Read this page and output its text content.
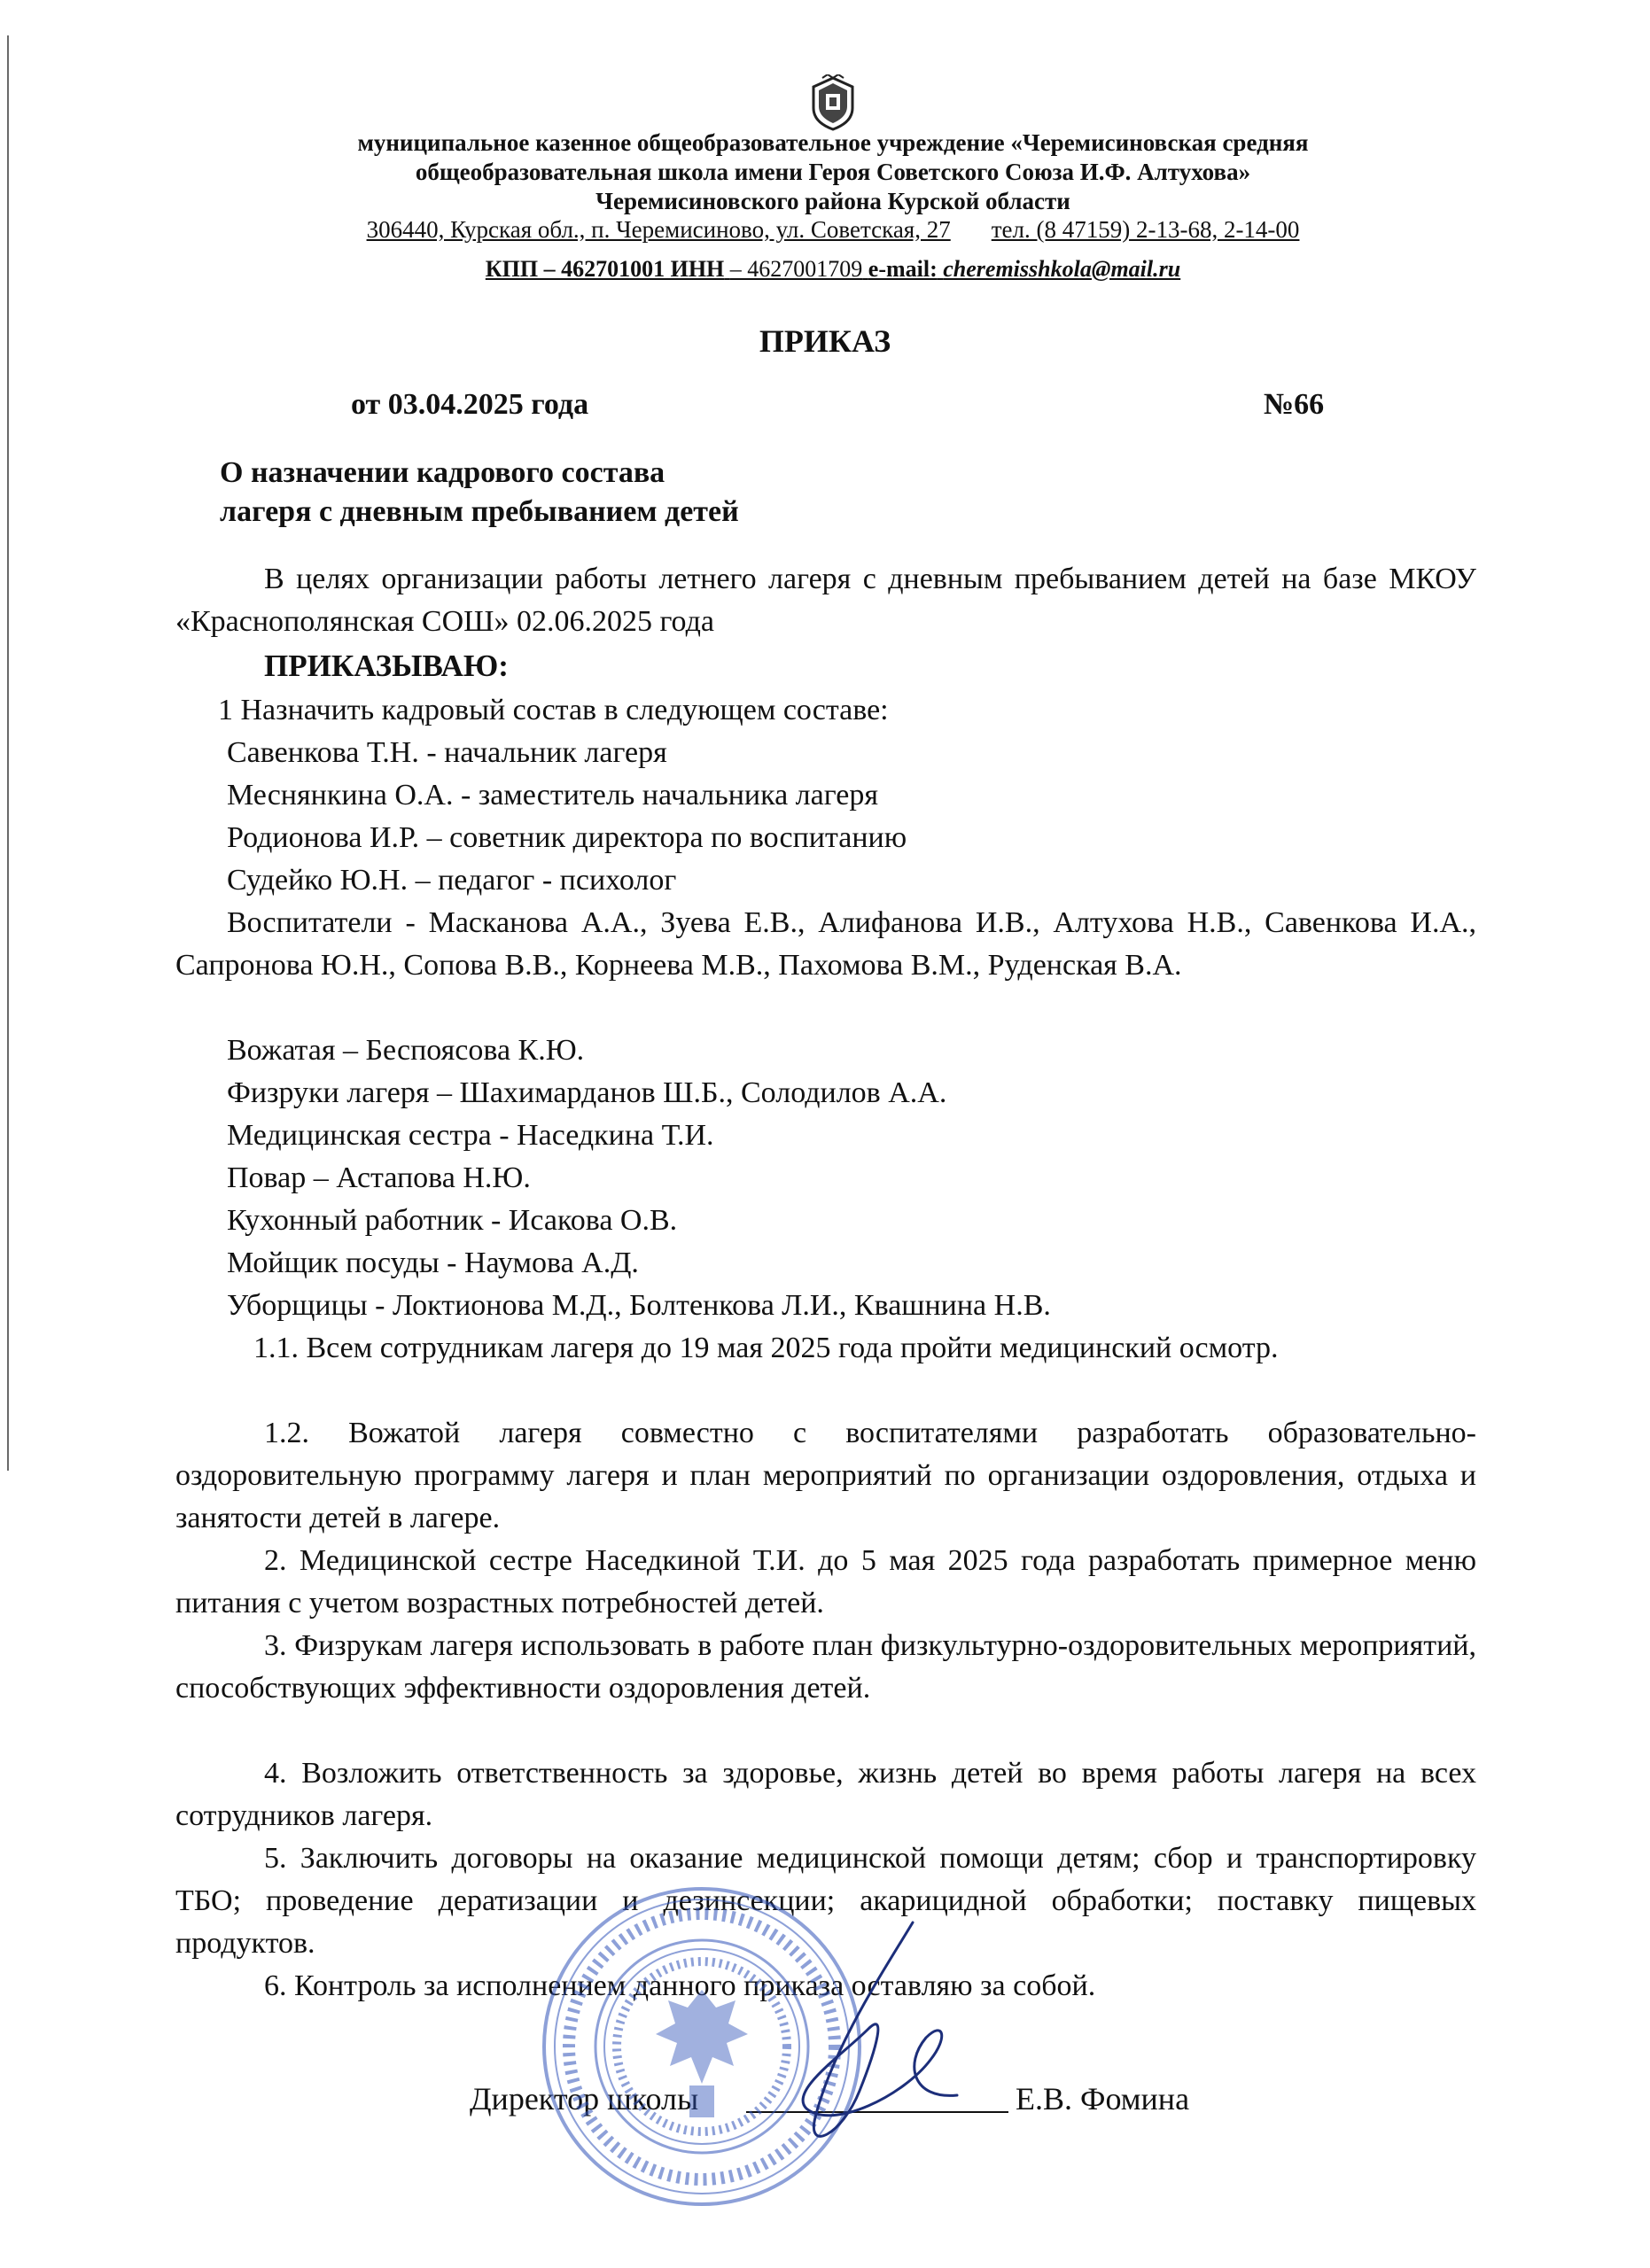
муниципальное казенное общеобразовательное учреждение «Черемисиновская средняя
общеобразовательная школа имени Героя Советского Союза И.Ф. Алтухова»
Черемисиновского района Курской области
306440, Курская обл., п. Черемисиново, ул. Советская, 27 тел. (8 47159) 2-13-68, 2-14-00
КПП – 462701001 ИНН – 4627001709 e-mail: cheremisshkola@mail.ru
ПРИКАЗ
от 03.04.2025 года	№66
О назначении кадрового состава
лагеря с дневным пребыванием детей

В целях организации работы летнего лагеря с дневным пребыванием детей на базе МКОУ «Краснополянская СОШ» 02.06.2025 года

ПРИКАЗЫВАЮ:
1 Назначить кадровый состав в следующем составе:
Савенкова Т.Н. - начальник лагеря
Меснянкина О.А. - заместитель начальника лагеря
Родионова И.Р. – советник директора по воспитанию
Судейко Ю.Н. – педагог - психолог

Воспитатели - Масканова А.А., Зуева Е.В., Алифанова И.В., Алтухова Н.В., Савенкова И.А., Сапронова Ю.Н., Сопова В.В., Корнеева М.В., Пахомова В.М., Руденская В.А.

Вожатая – Беспоясова К.Ю.
Физруки лагеря – Шахимарданов Ш.Б., Солодилов А.А.
Медицинская сестра - Наседкина Т.И.
Повар – Астапова Н.Ю.
Кухонный работник - Исакова О.В.
Мойщик посуды - Наумова А.Д.
Уборщицы - Локтионова М.Д., Болтенкова Л.И., Квашнина Н.В.

1.1. Всем сотрудникам лагеря до 19 мая 2025 года пройти медицинский осмотр.

1.2. Вожатой лагеря совместно с воспитателями разработать образовательно-оздоровительную программу лагеря и план мероприятий по организации оздоровления, отдыха и занятости детей в лагере.

2. Медицинской сестре Наседкиной Т.И. до 5 мая 2025 года разработать примерное меню питания с учетом возрастных потребностей детей.

3. Физрукам лагеря использовать в работе план физкультурно-оздоровительных мероприятий, способствующих эффективности оздоровления детей.

4. Возложить ответственность за здоровье, жизнь детей во время работы лагеря на всех сотрудников лагеря.

5. Заключить договоры на оказание медицинской помощи детям; сбор и транспортировку ТБО; проведение дератизации и дезинсекции; акарицидной обработки; поставку пищевых продуктов.

6. Контроль за исполнением данного приказа оставляю за собой.

Директор школы	Е.В. Фомина
